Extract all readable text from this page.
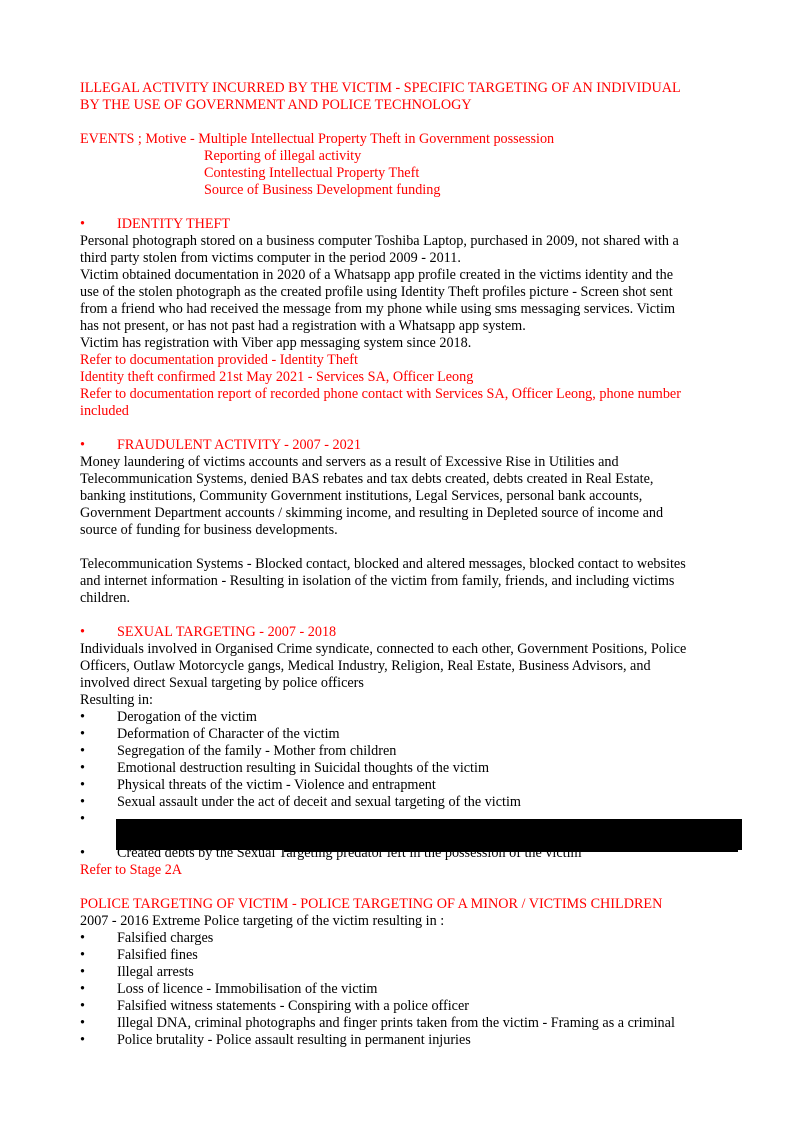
ILLEGAL ACTIVITY INCURRED BY THE VICTIM - SPECIFIC TARGETING OF AN INDIVIDUAL
BY THE USE OF GOVERNMENT AND POLICE TECHNOLOGY
EVENTS ; Motive - Multiple Intellectual Property Theft in Government possession
Reporting of illegal activity
Contesting Intellectual Property Theft
Source of Business Development funding
•	IDENTITY THEFT
Personal photograph stored on a business computer Toshiba Laptop, purchased in 2009, not shared with a
third party stolen from victims computer in the period 2009 - 2011.
Victim obtained documentation in 2020 of a Whatsapp app profile created in the victims identity and the
use of the stolen photograph as the created profile using Identity Theft profiles picture - Screen shot sent
from a friend who had received the message from my phone while using sms messaging services. Victim
has not present, or has not past had a registration with a Whatsapp app system.
Victim has registration with Viber app messaging system since 2018.
Refer to documentation provided - Identity Theft
Identity theft confirmed 21st May 2021 - Services SA, Officer Leong
Refer to documentation report of recorded phone contact with Services SA, Officer Leong, phone number
included
•	FRAUDULENT ACTIVITY - 2007 - 2021
Money laundering of victims accounts and servers as a result of Excessive Rise in Utilities and
Telecommunication Systems, denied BAS rebates and tax debts created, debts created in Real Estate,
banking institutions, Community Government institutions, Legal Services, personal bank accounts,
Government Department accounts / skimming income, and resulting in Depleted source of income and
source of funding for business developments.
Telecommunication Systems - Blocked contact, blocked and altered messages, blocked contact to websites
and internet information - Resulting in isolation of the victim from family, friends, and including victims
children.
•	SEXUAL TARGETING - 2007 - 2018
Individuals involved in Organised Crime syndicate, connected to each other, Government Positions, Police
Officers, Outlaw Motorcycle gangs, Medical Industry, Religion, Real Estate, Business Advisors, and
involved direct Sexual targeting by police officers
Resulting in:
•	Derogation of the victim
•	Deformation of Character of the victim
•	Segregation of the family - Mother from children
•	Emotional destruction resulting in Suicidal thoughts of the victim
•	Physical threats of the victim - Violence and entrapment
•	Sexual assault under the act of deceit and sexual targeting of the victim
•
•	Created debts by the Sexual Targeting predator left in the possession of the victim
Refer to Stage 2A
POLICE TARGETING OF VICTIM - POLICE TARGETING OF A MINOR / VICTIMS CHILDREN
2007 - 2016 Extreme Police targeting of the victim resulting in :
•	Falsified charges
•	Falsified fines
•	Illegal arrests
•	Loss of licence - Immobilisation of the victim
•	Falsified witness statements - Conspiring with a police officer
•	Illegal DNA, criminal photographs and finger prints taken from the victim - Framing as a criminal
•	Police brutality - Police assault resulting in permanent injuries
